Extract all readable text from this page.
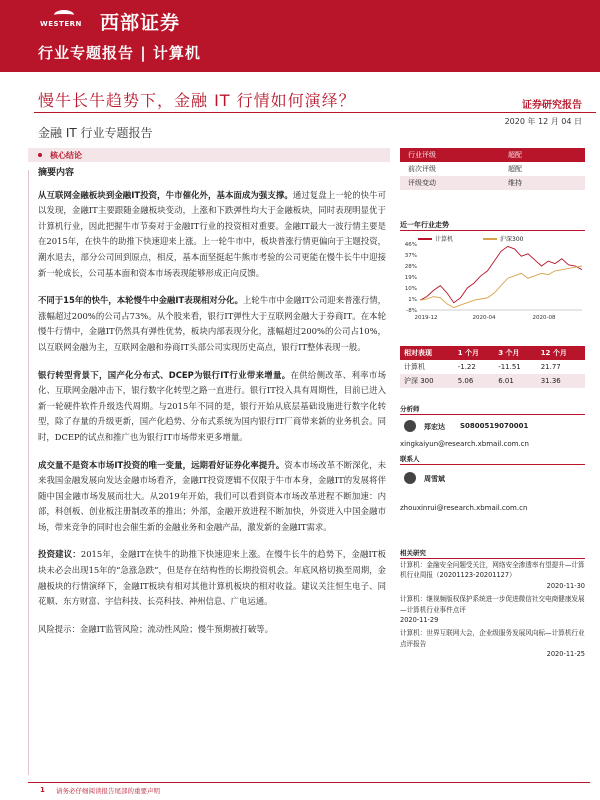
WESTERN 西部证券
行业专题报告 | 计算机
慢牛长牛趋势下，金融 IT 行情如何演绎？	证券研究报告
金融 IT 行业专题报告
2020 年 12 月 04 日
核心结论
摘要内容

从互联网金融板块到金融IT投资，牛市催化外，基本面成为强支撑。通过复盘上一轮的快牛可以发现，金融IT主要跟随金融板块变动，上涨和下跌弹性均大于金融板块，同时表现明显优于计算机行业，因此把握牛市节奏对于金融IT行业的投资相对重要。金融IT最大一波行情主要是在2015年，在快牛的助推下快速迎来上涨。上一轮牛市中，板块普涨行情更偏向于主题投资，潮水退去，部分公司回到原点，相反，基本面坚挺起牛熊市考验的公司更能在慢牛长牛中迎接新一轮成长，公司基本面和资本市场表现能够形成正向反馈。

不同于15年的快牛，本轮慢牛中金融IT表现相对分化。上轮牛市中金融IT公司迎来普涨行情，涨幅超过200%的公司占73%。从个股来看，银行IT弹性大于互联网金融大于券商IT。在本轮慢牛行情中，金融IT仍然具有弹性优势，板块内部表现分化，涨幅超过200%的公司占10%，以互联网金融为主，互联网金融和券商IT头部公司实现历史高点，银行IT整体表现一般。

银行转型背景下，国产化分布式、DCEP为银行IT行业带来增量。在供给侧改革、利率市场化、互联网金融冲击下，银行数字化转型之路一直进行。银行IT投入具有周期性，目前已进入新一轮硬件软件升级迭代周期。与2015年不同的是，银行开始从底层基础设施进行数字化转型，除了存量的升级更新，国产化趋势、分布式系统为国内银行IT厂商带来新的业务机会。同时，DCEP的试点和推广也为银行IT市场带来更多增量。

成交量不是资本市场IT投资的唯一变量，远期看好证券化率提升。资本市场改革不断深化，未来我国金融发展向发达金融市场看齐，金融IT投资逻辑不仅限于牛市本身，金融IT的发展将伴随中国金融市场发展而壮大。从2019年开始，我们可以看到资本市场改革进程不断加速：内部，科创板、创业板注册制改革的推出；外部，金融开放进程不断加快，外资进入中国金融市场，带来竞争的同时也会催生新的金融业务和金融产品，激发新的金融IT需求。

投资建议：2015年，金融IT在快牛的助推下快速迎来上涨。在慢牛长牛的趋势下，金融IT板块未必会出现15年的“急涨急跌”，但是存在结构性的长期投资机会。年底风格切换至周期，金融板块的行情演绎下，金融IT板块有相对其他计算机板块的相对收益。建议关注恒生电子、同花顺、东方财富、宇信科技、长亮科技、神州信息、广电运通。

风险提示：金融IT监管风险；流动性风险；慢牛预期被打破等。

行业评级	超配
前次评级	超配
评级变动	维持
近一年行业走势
计算机	沪深300
-8%
1%
10%
19%
28%
37%
46%
2019-12	2020-04	2020-08
相对表现	1 个月	3 个月	12 个月
计算机	-1.22	-11.51	21.77
沪深 300	5.06	6.01	31.36
分析师
郑宏达 S0800519070001
xingkaiyun@research.xbmail.com.cn
联系人
周雪斌
zhouxinrui@research.xbmail.com.cn
相关研究
计算机：金融安全问题受关注，网络安全渗透率有望提升—计算机行业周报（20201123-20201127）
2020-11-30
计算机：继视频版权保护系统进一步促进微信社交电商健康发展—计算机行业事件点评
2020-11-29
计算机：世界互联网大会，企业级服务发展风向标—计算机行业点评报告
2020-11-25
1 请务必仔细阅读报告尾部的重要声明
